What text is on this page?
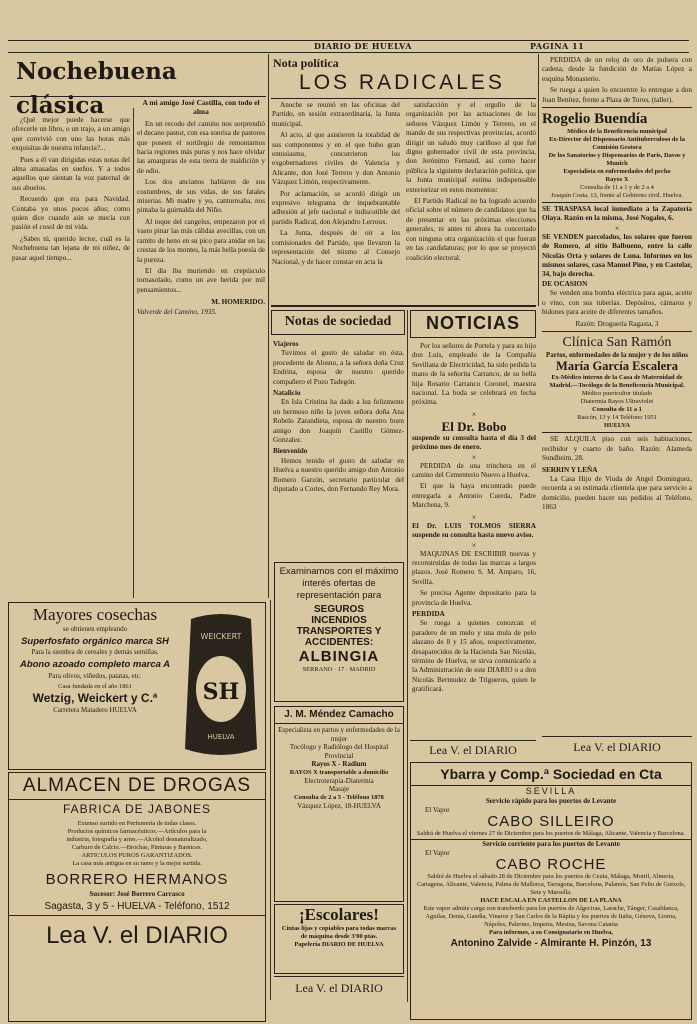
DIARIO DE HUELVA	PAGINA 11
Nochebuena clásica

¿Qué mejor puede hacerse que ofrecerle un libro, o un trajo, a un amigo que convivió con uno las horas más exquisitas de nuestra infancia?...

Pues a él van dirigidas estas notas del alma amasadas en sueños. Y a todos aquellos que sientan la voz paternal de sus abuelos.

Recuerdo que era para Navidad. Contaba yo unos pocos años; como quien dice cuando aún se mecía con pasión el cosol de mi vida.

¿Sabes tú, querido lector, cuál es la Nochebuena tan lejana de mi niñez, de pasar aquel tiempo...

A mi amigo José Castilla, con todo el alma

En un recodo del camino nos sorprendió el decano pastor, con esa sonrisa de pastores que poseen el sortilegio de remontarnos hacia regiones más puras y nos hace olvidar las amarguras de esta tierra de maldición y de odio.

Los dos ancianos hablaron de sus costumbres, de sus vidas, de sus fatales miserias. Mi madre y yo, canturreaba, nos pintaba la guirnalda del Niño.

Al toque del cangelus, empezaron por el vasto pinar las más cálidas avecillas, con un ramito de heno en su pico para anidar en las crestas de los montes, la más bella poesía de la pureza.

El día iba muriendo en crepúsculo tornasolado, como un ave herida por mil pensamientos...

M. HOMERIDO.

Valverde del Camino, 1935.

Nota política
LOS RADICALES

Anoche se reunió en las oficinas del Partido, en sesión extraordinaria, la Junta municipal.

Al acto, al que asistieron la totalidad de sus componentes y en el que hubo gran entusiasmo, concurrieron los exgobernadores civiles de Valencia y Alicante, don José Terrero y don Antonio Vázquez Limón, respectivamente.

Por aclamación, se acordó dirigir un expresivo telegrama de inquebrantable adhesión al jefe nacional e indiscutible del partido Radical, don Alejandro Lerroux.

La Junta, después de oír a los comisionados del Partido, que llevaron la representación del mismo al Consejo Nacional, y de hacer constar en acta la

satisfacción y el orgullo de la organización por las actuaciones de los señores Vázquez Limón y Terrero, en el mando de sus respectivas provincias, acordó dirigir un saludo muy cariñoso al que fué digno gobernador civil de esta provincia, don Jerónimo Fernaud, así como hacer pública la siguiente declaración política, que la Junta municipal estima indispensable exteriorizar en estos momentos:

El Partido Radical no ha logrado acuerdo oficial sobre el número de candidatos que ha de presentar en las próximas elecciones generales, ni antes ni ahora ha concertado con ninguna otra organización el que fueran en las candidaturas; por lo que se proyectó coalición electoral.

Notas de sociedad

Viajeros

Tuvimos el gusto de saludar en ésta, procedente de Alosno, a la señora doña Cruz Endrina, esposa de nuestro querido compañero el Pozo Tadegón.

Natalicio

En Isla Cristina ha dado a luz felizmente un hermoso niño la joven señora doña Ana Robelo Zarandieta, esposa de nuestro buen amigo don Joaquín Castillo Gómez-Gonzalez.

Bienvenido

Hemos tenido el gusto de saludar en Huelva a nuestro querido amigo don Antonio Romero Garzón, secretario particular del diputado a Cortes, don Fernando Rey Mora.

NOTICIAS

Por los señores de Portela y para su hijo don Luis, empleado de la Compañía Sevillana de Electricidad, ha sido pedida la mano de la señorita Carranco, de su bella hija Rosario Carranco Coronel, maestra nacional. La boda se celebrará en fecha próxima.

×

El Dr. Bobo

suspende su consulta hasta el día 3 del próximo mes de enero.

×

PERDIDA de una trinchera en el camino del Cementerio Nuevo a Huelva.

El que la haya encontrado puede entregarla a Antonio Cuerda, Padre Marchena, 9.

×

El Dr. LUIS TOLMOS SIERRA suspende su consulta hasta nuevo aviso.

×

MAQUINAS DE ESCRIBIR nuevas y reconstruidas de todas las marcas a largos plazos. José Romero S. M. Amparo, 16, Sevilla.

Se precisa Agente depositario para la provincia de Huelva.

PERDIDA

Se ruega a quienes conozcan el paradero de un mulo y una mula de pelo alazano de 8 y 15 años, respectivamente, desaparecidos de la Hacienda San Nicolás, término de Huelva, se sirva comunicarlo a la Administración de este DIARIO o a don Nicolás Bermudez de Trigueros, quien le gratificará.

Lea V. el DIARIO

PERDIDA de un reloj de oro de pulsera con cadena, desde la fundición de Matías López a esquina Monasterio.

Se ruega a quien lo encuentre lo entregue a don Juan Benítez, frente a Plaza de Toros, (taller).

Rogelio Buendía

Médico de la Beneficencia municipal

Ex-Director del Dispensario Antituberculoso de la Comisión Gestora

De los Sanatorios y Dispensarios de París, Davos y Munich

Especialista en enfermedades del pecho

Rayos X

Consulta de 11 a 1 y de 2 a 4

Joaquín Costa, 13, frente al Gobierno civil. Huelva.

SE TRASPASA local inmediato a la Zapatería Olaya. Razón en la misma, José Nogales, 6.

×

SE VENDEN parcelados, los solares que fueron de Romero, al sitio Balbueno, entre la calle Nicolás Orta y solares de Luna. Informes en los mismos solares, casa Manuel Pino, y en Castelar, 34, bajo derecha.

DE OCASION

Se venden una bomba eléctrica para agua, aceite o vino, con sus tuberías. Depósitos, cántaros y bidones para aceite de diferentes tamaños.

Razón: Droguería Ragasta, 3

Clínica San Ramón

Partos, enfermedades de la mujer y de los niños

María García Escalera

Ex-Médico interno de la Casa de Maternidad de Madrid.—Tocólogo de la Beneficencia Municipal.

Médico puericultor titulado

Diatermia Rayos Ultraviolet

Consulta de 11 a 1

Rascón, 13 y 14 Teléfono 1951

HUELVA

SE ALQUILA piso con seis habitaciones, recibidor y cuarto de baño. Razón: Alameda Sundheim, 28.

SERRIN Y LEÑA

La Casa Hijo de Viuda de Angel Dominguez, recuerda a su estimada clientela que para servicio a domicilio, pueden hacer sus pedidos al Teléfono, 1863

Lea V. el DIARIO
Mayores cosechas
se obtienen empleando
Superfosfato orgánico marca SH
Para la siembra de cereales y demás semillas.
Abono azoado completo marca A
Para olivos, viñedos, patatas, etc.
Casa fundada en el año 1861
Wetzig, Weickert y C.ª
Carretera Matadero HUELVA
WEICKERT
SH
HUELVA
ALMACEN DE DROGAS
FABRICA DE JABONES
Extenso surtido en Perfumería de todas clases.
Productos químicos farmacéuticos.—Artículos para la
industria, fotografía y artes.—Alcohol desnaturalizado,
Carburo de Calcio.—Brochas, Pinturas y Barnices.
ARTICULOS PUROS GARANTIZADOS.
La casa más antigua en su ramo y la mejor surtida.
BORRERO HERMANOS
Sucesor: José Borrero Carrasco
Sagasta, 3 y 5 - HUELVA - Teléfono, 1512
Lea V. el DIARIO
Examinamos con el máximo interés ofertas de representación para
SEGUROS
INCENDIOS
TRANSPORTES Y
ACCIDENTES:
ALBINGIA
SERRANO · 17 · MADRID
J. M. Méndez Camacho
Especialista en partos y enfermedades de la mujer
Tocólogo y Radiólogo del Hospital Provincial
Rayos X - Radium
RAYOS X transportable a domicilio
Electroterapia-Diatermia
Masaje
Consulta de 2 a 5 - Teléfono 1878
Vázquez López, 18-HUELVA
¡Escolares!
Cintas lijas y copiables para todas marcas de máquina desde 3'00 ptas.
Papelería DIARIO DE HUELVA
Lea V. el DIARIO
Ybarra y Comp.ª Sociedad en Cta
SEVILLA
Servicio rápido para los puertos de Levante
El Vapor
CABO SILLEIRO
Saldrá de Huelva el viernes 27 de Diciembre para los puertos de Málaga, Alicante, Valencia y Barcelona.
Servicio corriente para los puertos de Levante
El Vapor
CABO ROCHE
Saldrá de Huelva el sábado 28 de Diciembre para los puertos de Ceuta, Málaga, Motril, Almería, Cartagena, Alicante, Valencia, Palma de Mallorca, Tarragona, Barcelona, Palamós, San Feliu de Guixols, Sete y Marsella.
HACE ESCALA EN CASTELLON DE LA PLANA
Este vapor admite carga con transbordo para los puertos de Algeciras, Larache, Tánger, Casablanca, Aguilas, Denia, Gandía, Vinaroz y San Carlos de la Rápita y los puertos de Italia, Génova, Liorna, Nápoles, Palermo, Imperia, Mesina, Savona Catania
Para informes, a su Consignatario en Huelva,
Antonino Zalvide - Almirante H. Pinzón, 13
